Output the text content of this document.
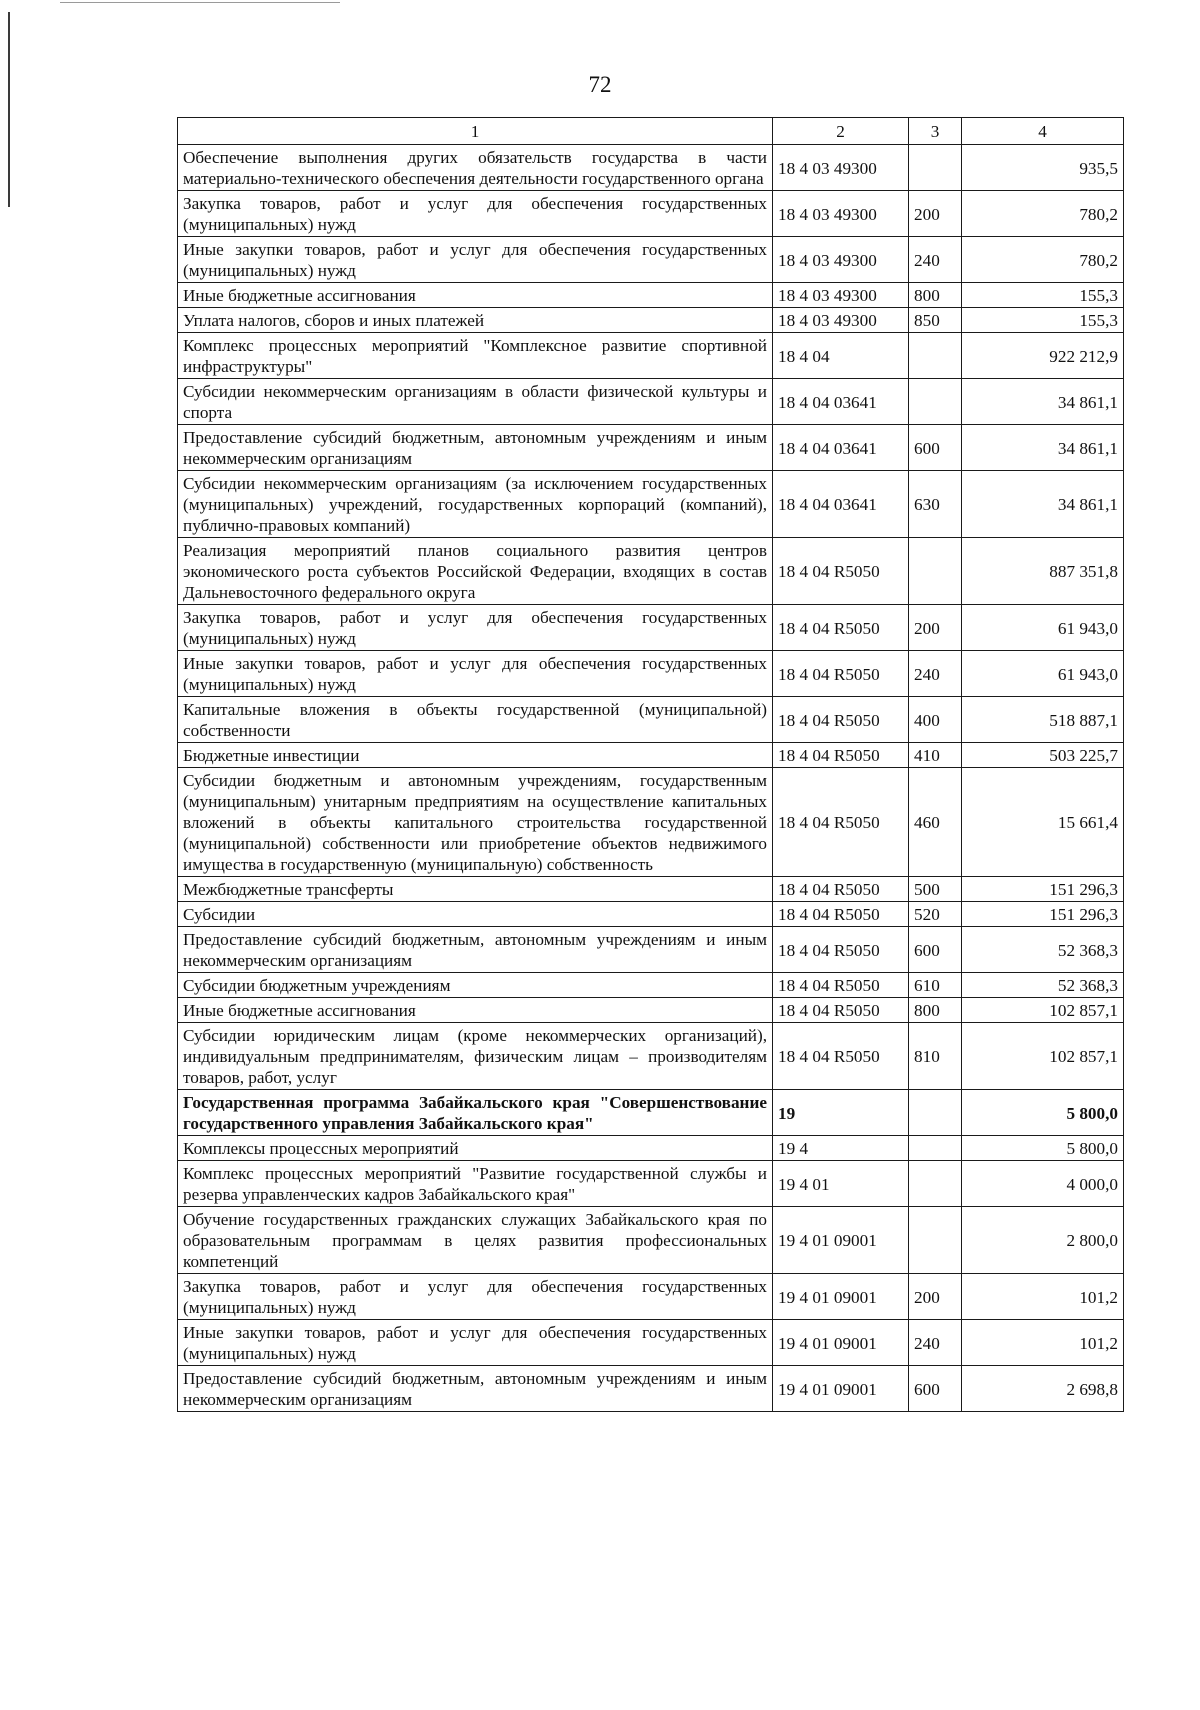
72
1	2	3	4
Обеспечение выполнения других обязательств государства в части материально-технического обеспечения деятельности государственного органа	18 4 03 49300		935,5
Закупка товаров, работ и услуг для обеспечения государственных (муниципальных) нужд	18 4 03 49300	200	780,2
Иные закупки товаров, работ и услуг для обеспечения государственных (муниципальных) нужд	18 4 03 49300	240	780,2
Иные бюджетные ассигнования	18 4 03 49300	800	155,3
Уплата налогов, сборов и иных платежей	18 4 03 49300	850	155,3
Комплекс процессных мероприятий "Комплексное развитие спортивной инфраструктуры"	18 4 04		922 212,9
Субсидии некоммерческим организациям в области физической культуры и спорта	18 4 04 03641		34 861,1
Предоставление субсидий бюджетным, автономным учреждениям и иным некоммерческим организациям	18 4 04 03641	600	34 861,1
Субсидии некоммерческим организациям (за исключением государственных (муниципальных) учреждений, государственных корпораций (компаний), публично-правовых компаний)	18 4 04 03641	630	34 861,1
Реализация мероприятий планов социального развития центров экономического роста субъектов Российской Федерации, входящих в состав Дальневосточного федерального округа	18 4 04 R5050		887 351,8
Закупка товаров, работ и услуг для обеспечения государственных (муниципальных) нужд	18 4 04 R5050	200	61 943,0
Иные закупки товаров, работ и услуг для обеспечения государственных (муниципальных) нужд	18 4 04 R5050	240	61 943,0
Капитальные вложения в объекты государственной (муниципальной) собственности	18 4 04 R5050	400	518 887,1
Бюджетные инвестиции	18 4 04 R5050	410	503 225,7
Субсидии бюджетным и автономным учреждениям, государственным (муниципальным) унитарным предприятиям на осуществление капитальных вложений в объекты капитального строительства государственной (муниципальной) собственности или приобретение объектов недвижимого имущества в государственную (муниципальную) собственность	18 4 04 R5050	460	15 661,4
Межбюджетные трансферты	18 4 04 R5050	500	151 296,3
Субсидии	18 4 04 R5050	520	151 296,3
Предоставление субсидий бюджетным, автономным учреждениям и иным некоммерческим организациям	18 4 04 R5050	600	52 368,3
Субсидии бюджетным учреждениям	18 4 04 R5050	610	52 368,3
Иные бюджетные ассигнования	18 4 04 R5050	800	102 857,1
Субсидии юридическим лицам (кроме некоммерческих организаций), индивидуальным предпринимателям, физическим лицам – производителям товаров, работ, услуг	18 4 04 R5050	810	102 857,1
Государственная программа Забайкальского края "Совершенствование государственного управления Забайкальского края"	19		5 800,0
Комплексы процессных мероприятий	19 4		5 800,0
Комплекс процессных мероприятий "Развитие государственной службы и резерва управленческих кадров Забайкальского края"	19 4 01		4 000,0
Обучение государственных гражданских служащих Забайкальского края по образовательным программам в целях развития профессиональных компетенций	19 4 01 09001		2 800,0
Закупка товаров, работ и услуг для обеспечения государственных (муниципальных) нужд	19 4 01 09001	200	101,2
Иные закупки товаров, работ и услуг для обеспечения государственных (муниципальных) нужд	19 4 01 09001	240	101,2
Предоставление субсидий бюджетным, автономным учреждениям и иным некоммерческим организациям	19 4 01 09001	600	2 698,8
